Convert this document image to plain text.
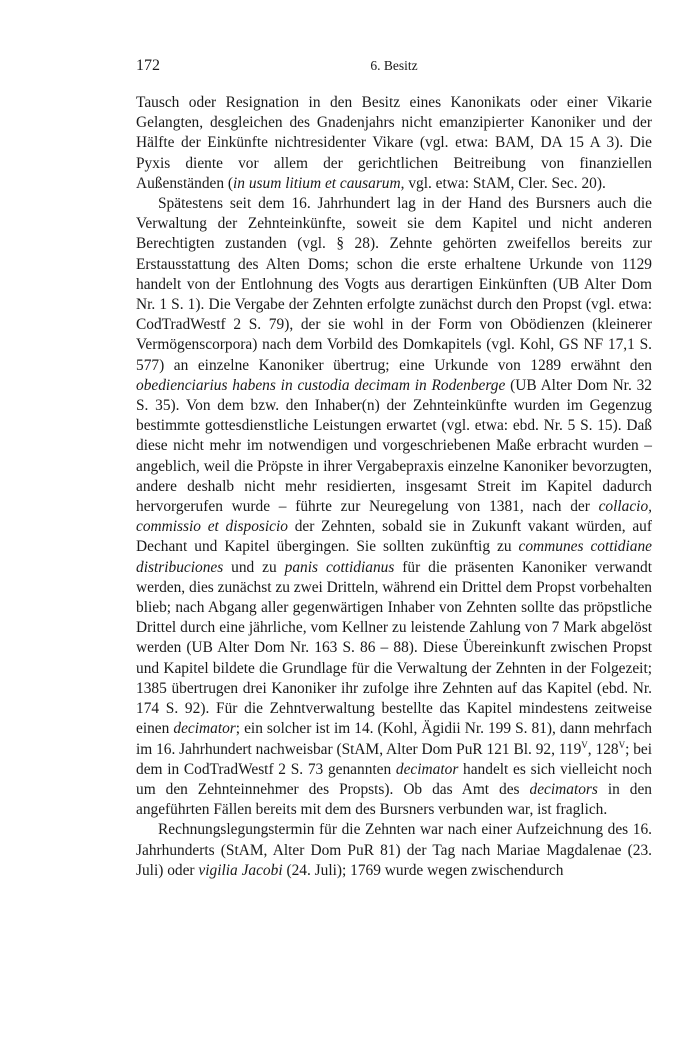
172	6. Besitz

Tausch oder Resignation in den Besitz eines Kanonikats oder einer Vikarie Gelangten, desgleichen des Gnadenjahrs nicht emanzipierter Kanoniker und der Hälfte der Einkünfte nichtresidenter Vikare (vgl. etwa: BAM, DA 15 A 3). Die Pyxis diente vor allem der gerichtlichen Beitreibung von finanziellen Außenständen (in usum litium et causarum, vgl. etwa: StAM, Cler. Sec. 20).

Spätestens seit dem 16. Jahrhundert lag in der Hand des Bursners auch die Verwaltung der Zehnteinkünfte, soweit sie dem Kapitel und nicht anderen Berechtigten zustanden (vgl. § 28). Zehnte gehörten zweifellos bereits zur Erstausstattung des Alten Doms; schon die erste erhaltene Urkunde von 1129 handelt von der Entlohnung des Vogts aus derartigen Einkünften (UB Alter Dom Nr. 1 S. 1). Die Vergabe der Zehnten erfolgte zunächst durch den Propst (vgl. etwa: CodTradWestf 2 S. 79), der sie wohl in der Form von Obödienzen (kleinerer Vermögenscorpora) nach dem Vorbild des Domkapitels (vgl. Kohl, GS NF 17,1 S. 577) an einzelne Kanoniker übertrug; eine Urkunde von 1289 erwähnt den obedienciarius habens in custodia decimam in Rodenberge (UB Alter Dom Nr. 32 S. 35). Von dem bzw. den Inhaber(n) der Zehnteinkünfte wurden im Gegenzug bestimmte gottesdienstliche Leistungen erwartet (vgl. etwa: ebd. Nr. 5 S. 15). Daß diese nicht mehr im notwendigen und vorgeschriebenen Maße erbracht wurden – angeblich, weil die Pröpste in ihrer Vergabepraxis einzelne Kanoniker bevorzugten, andere deshalb nicht mehr residierten, insgesamt Streit im Kapitel dadurch hervorgerufen wurde – führte zur Neuregelung von 1381, nach der collacio, commissio et disposicio der Zehnten, sobald sie in Zukunft vakant würden, auf Dechant und Kapitel übergingen. Sie sollten zukünftig zu communes cottidiane distribuciones und zu panis cottidianus für die präsenten Kanoniker verwandt werden, dies zunächst zu zwei Dritteln, während ein Drittel dem Propst vorbehalten blieb; nach Abgang aller gegenwärtigen Inhaber von Zehnten sollte das pröpstliche Drittel durch eine jährliche, vom Kellner zu leistende Zahlung von 7 Mark abgelöst werden (UB Alter Dom Nr. 163 S. 86 – 88). Diese Übereinkunft zwischen Propst und Kapitel bildete die Grundlage für die Verwaltung der Zehnten in der Folgezeit; 1385 übertrugen drei Kanoniker ihr zufolge ihre Zehnten auf das Kapitel (ebd. Nr. 174 S. 92). Für die Zehntverwaltung bestellte das Kapitel mindestens zeitweise einen decimator; ein solcher ist im 14. (Kohl, Ägidii Nr. 199 S. 81), dann mehrfach im 16. Jahrhundert nachweisbar (StAM, Alter Dom PuR 121 Bl. 92, $119^V$, $128^V$; bei dem in CodTradWestf 2 S. 73 genannten decimator handelt es sich vielleicht noch um den Zehnteinnehmer des Propsts). Ob das Amt des decimators in den angeführten Fällen bereits mit dem des Bursners verbunden war, ist fraglich.

Rechnungslegungstermin für die Zehnten war nach einer Aufzeichnung des 16. Jahrhunderts (StAM, Alter Dom PuR 81) der Tag nach Mariae Magdalenae (23. Juli) oder vigilia Jacobi (24. Juli); 1769 wurde wegen zwischendurch
